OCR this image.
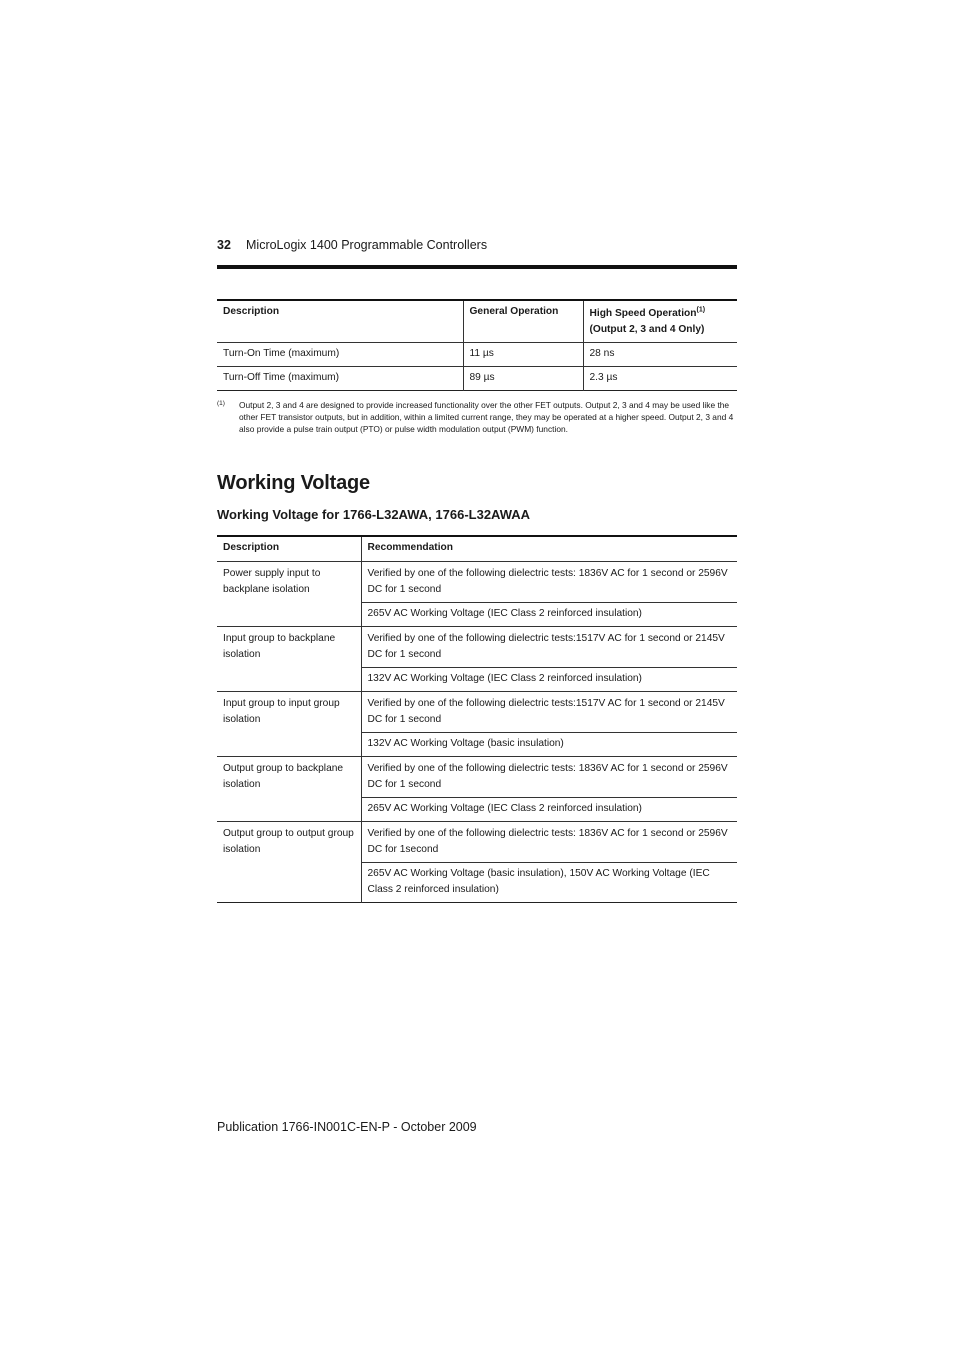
32 MicroLogix 1400 Programmable Controllers
Description	General Operation	High Speed Operation$^{(1)}$
(Output 2, 3 and 4 Only)

Turn-On Time (maximum)	11 µs	28 ns
Turn-Off Time (maximum)	89 µs	2.3 µs
(1) Output 2, 3 and 4 are designed to provide increased functionality over the other FET outputs. Output 2, 3 and 4 may be used like the other FET transistor outputs, but in addition, within a limited current range, they may be operated at a higher speed. Output 2, 3 and 4 also provide a pulse train output (PTO) or pulse width modulation output (PWM) function.
Working Voltage
Working Voltage for 1766-L32AWA, 1766-L32AWAA
Description	Recommendation
Power supply input to backplane isolation	Verified by one of the following dielectric tests: 1836V AC for 1 second or 2596V DC for 1 second
	265V AC Working Voltage (IEC Class 2 reinforced insulation)
Input group to backplane isolation	Verified by one of the following dielectric tests:1517V AC for 1 second or 2145V DC for 1 second
	132V AC Working Voltage (IEC Class 2 reinforced insulation)
Input group to input group isolation	Verified by one of the following dielectric tests:1517V AC for 1 second or 2145V DC for 1 second
	132V AC Working Voltage (basic insulation)
Output group to backplane isolation	Verified by one of the following dielectric tests: 1836V AC for 1 second or 2596V DC for 1 second
	265V AC Working Voltage (IEC Class 2 reinforced insulation)
Output group to output group isolation	Verified by one of the following dielectric tests: 1836V AC for 1 second or 2596V DC for 1second
	265V AC Working Voltage (basic insulation), 150V AC Working Voltage (IEC Class 2 reinforced insulation)
Publication 1766-IN001C-EN-P - October 2009
